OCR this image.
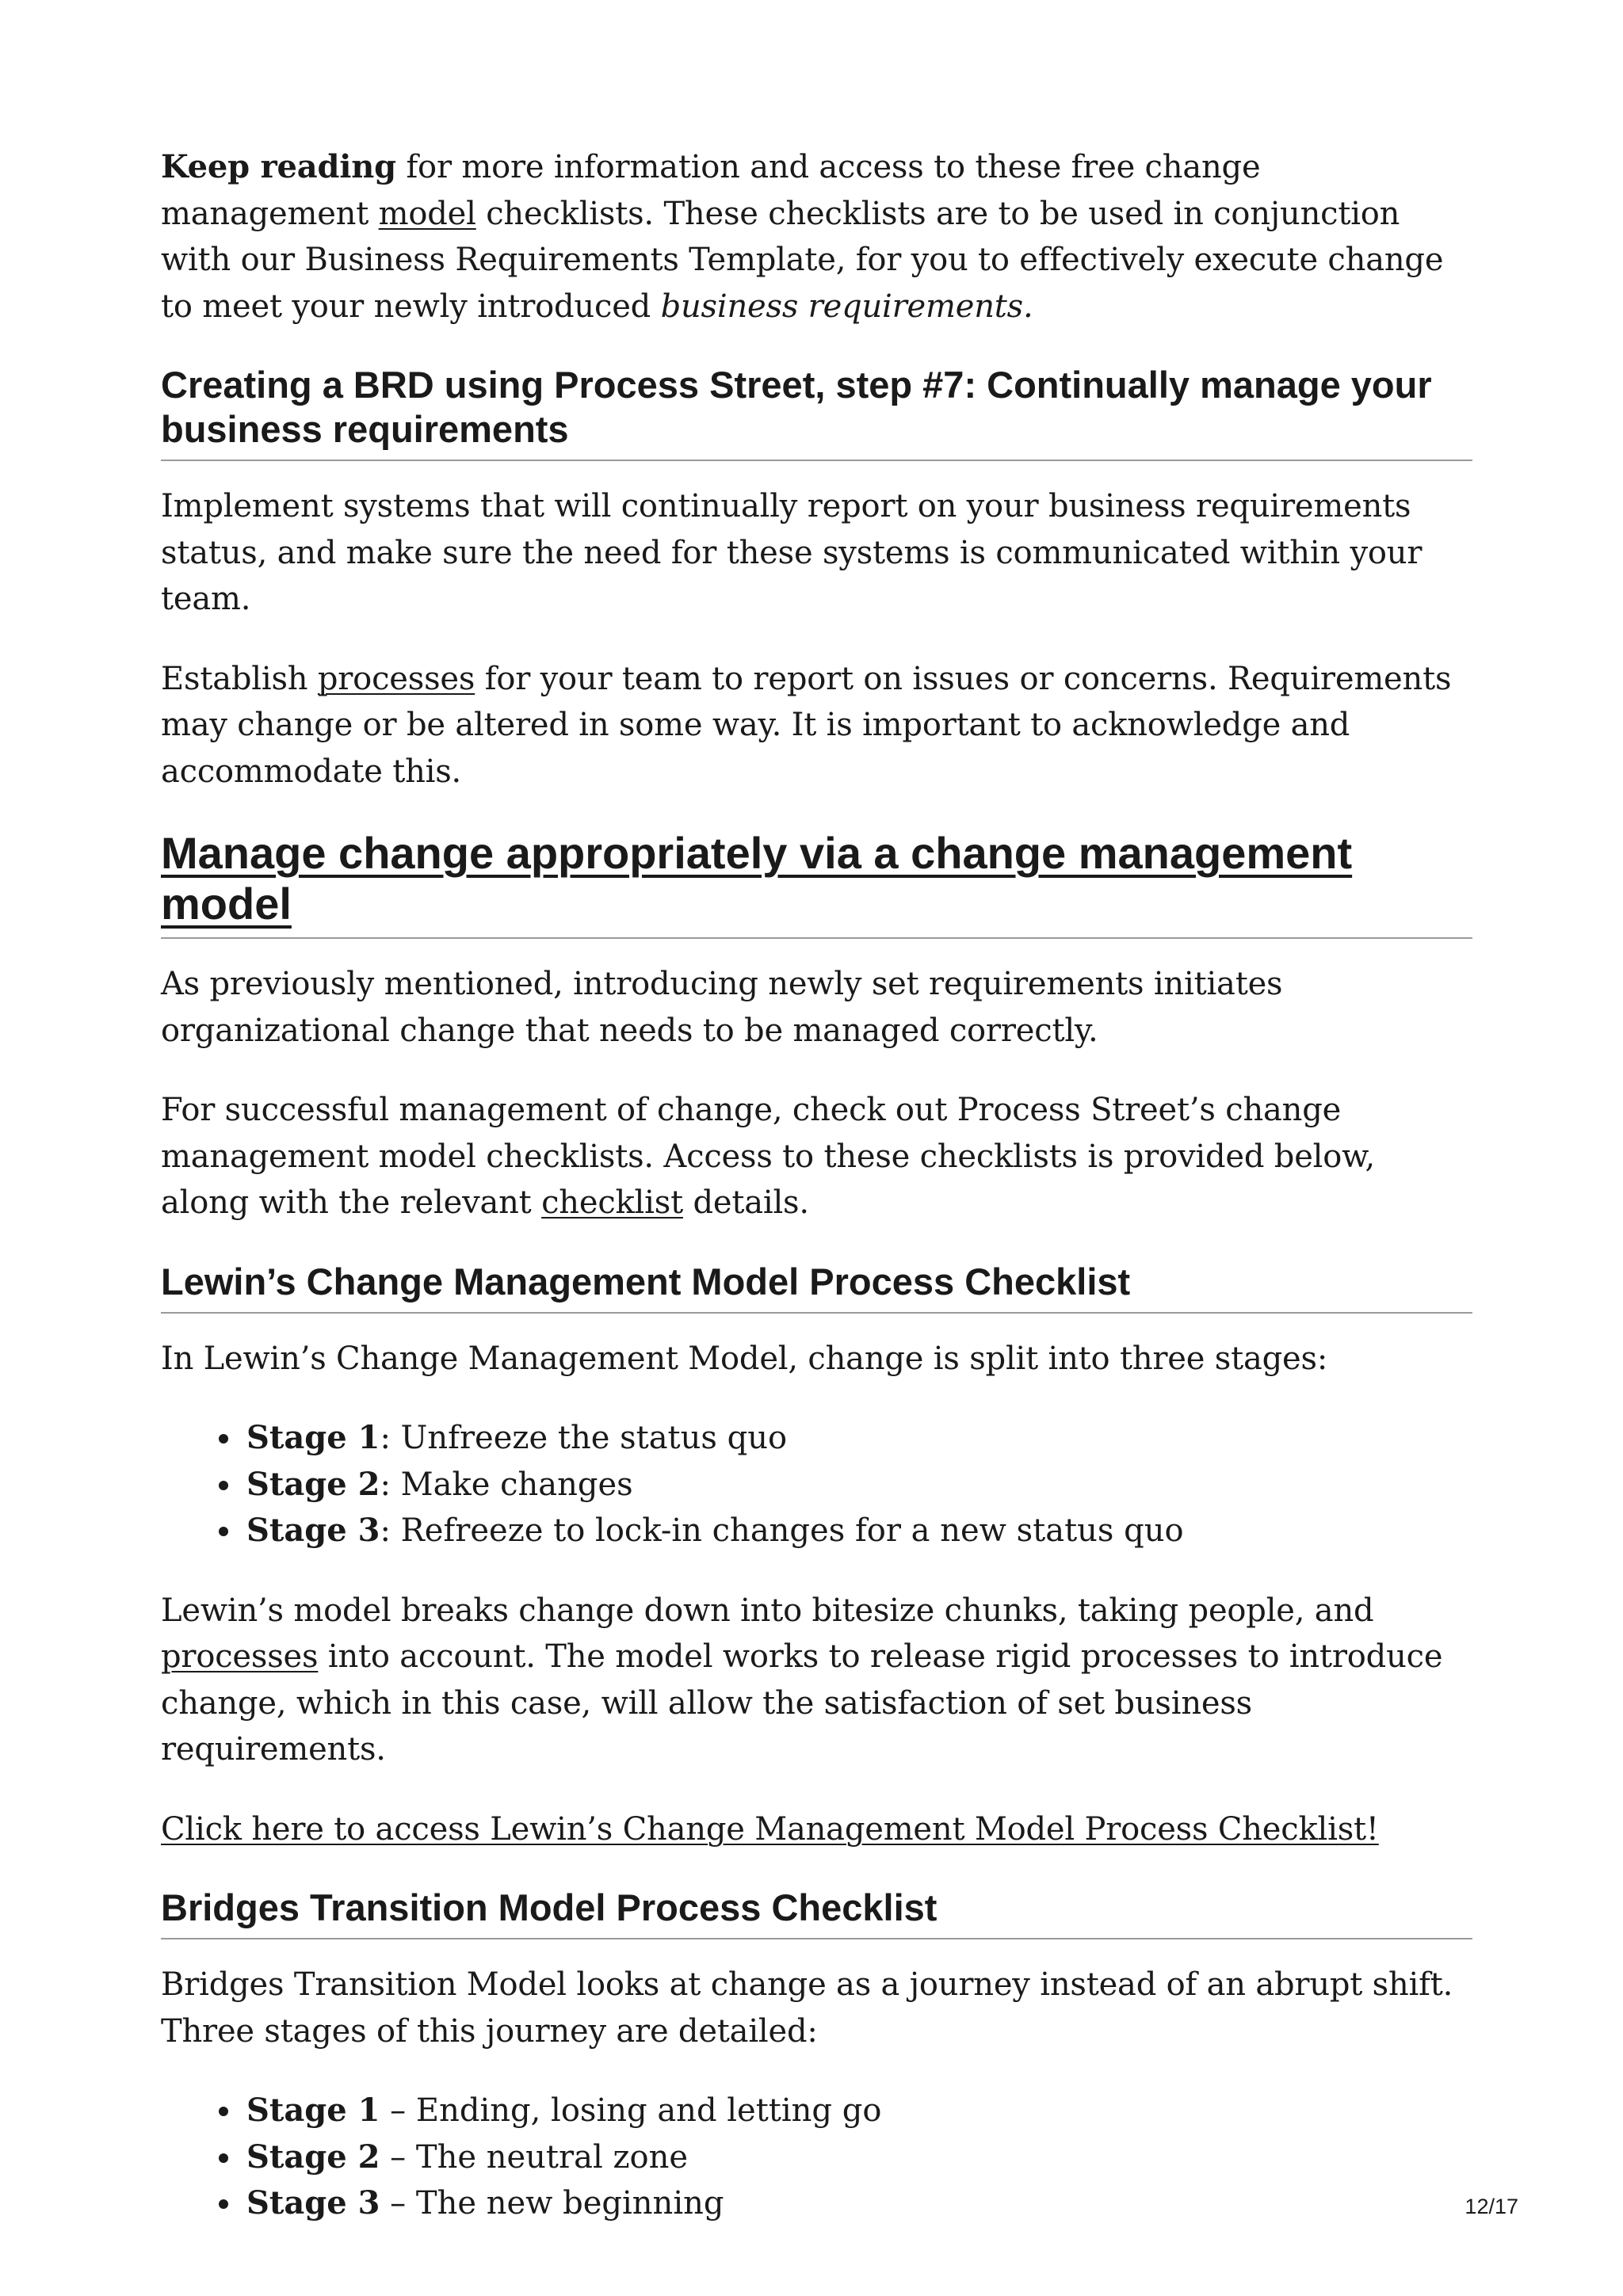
Keep reading for more information and access to these free change management model checklists. These checklists are to be used in conjunction with our Business Requirements Template, for you to effectively execute change to meet your newly introduced business requirements.

Creating a BRD using Process Street, step #7: Continually manage your business requirements

Implement systems that will continually report on your business requirements status, and make sure the need for these systems is communicated within your team.

Establish processes for your team to report on issues or concerns. Requirements may change or be altered in some way. It is important to acknowledge and accommodate this.

Manage change appropriately via a change management model

As previously mentioned, introducing newly set requirements initiates organizational change that needs to be managed correctly.

For successful management of change, check out Process Street’s change management model checklists. Access to these checklists is provided below, along with the relevant checklist details.

Lewin’s Change Management Model Process Checklist

In Lewin’s Change Management Model, change is split into three stages:

• Stage 1: Unfreeze the status quo
• Stage 2: Make changes
• Stage 3: Refreeze to lock-in changes for a new status quo

Lewin’s model breaks change down into bitesize chunks, taking people, and processes into account. The model works to release rigid processes to introduce change, which in this case, will allow the satisfaction of set business requirements.

Click here to access Lewin’s Change Management Model Process Checklist!

Bridges Transition Model Process Checklist

Bridges Transition Model looks at change as a journey instead of an abrupt shift. Three stages of this journey are detailed:

• Stage 1 – Ending, losing and letting go
• Stage 2 – The neutral zone
• Stage 3 – The new beginning	12/17
